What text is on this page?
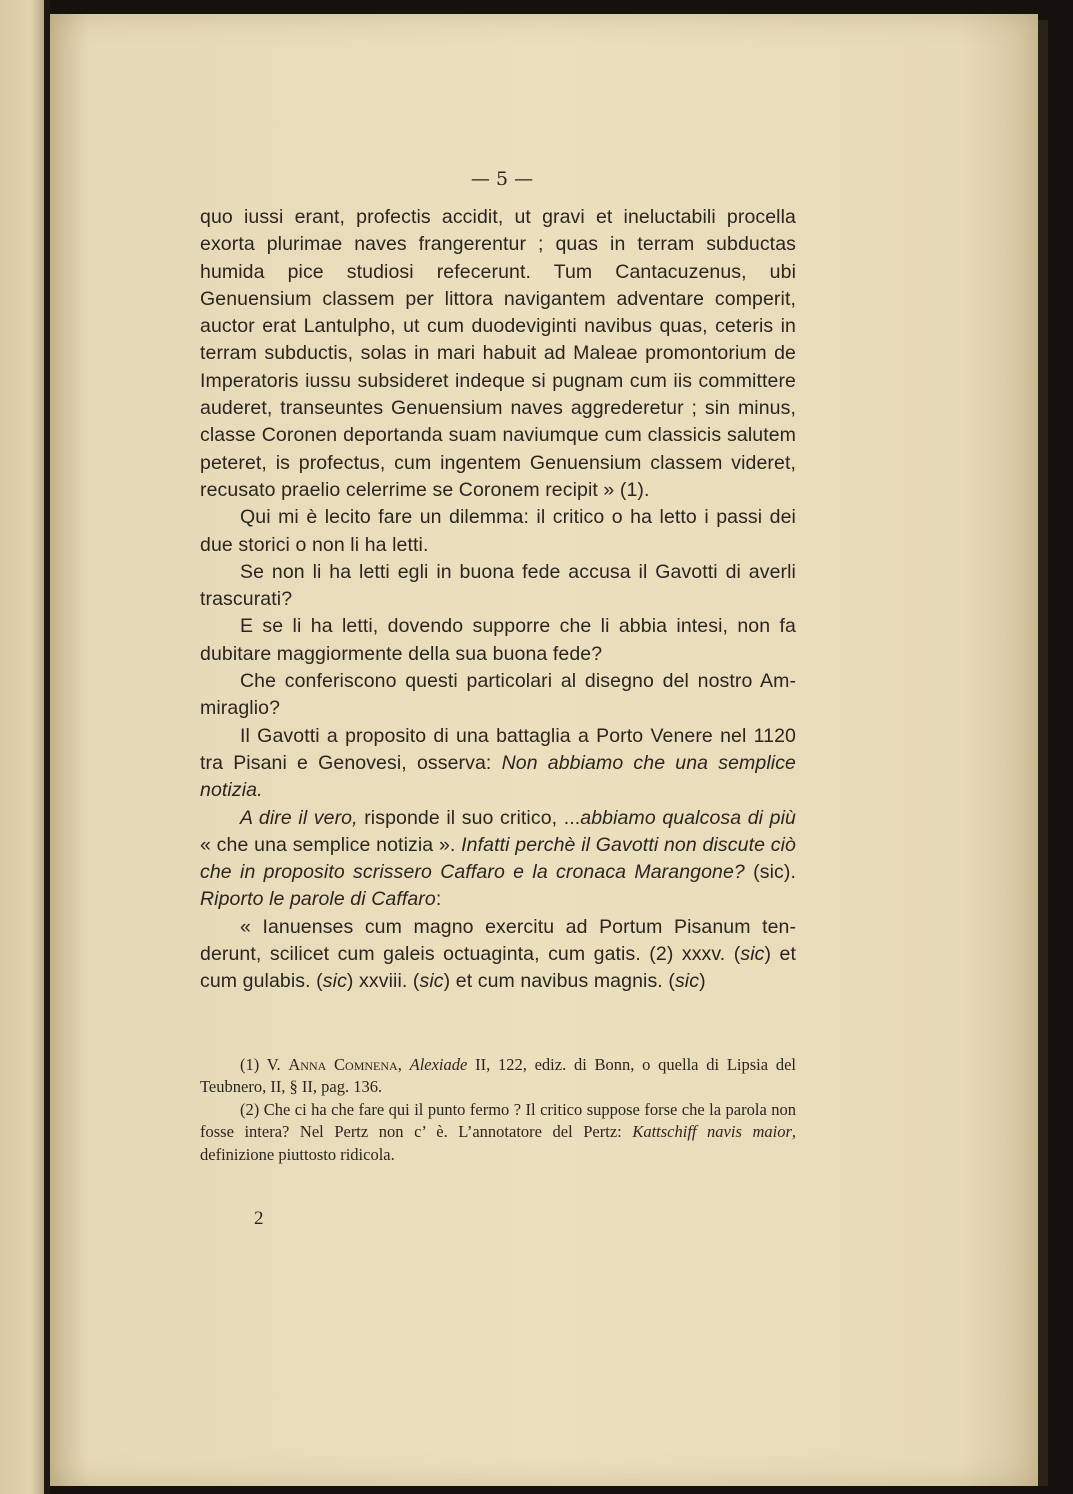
— 5 —

quo iussi erant, profectis accidit, ut gravi et ineluctabili procella exorta plurimae naves frangerentur ; quas in terram subductas humida pice studiosi refecerunt. Tum Cantacuzenus, ubi Genuensium classem per littora navigantem adventare comperit, auctor erat Lantulpho, ut cum duodeviginti navibus quas, ceteris in terram subductis, solas in mari habuit ad Maleae promontorium de Imperatoris iussu subsideret indeque si pugnam cum iis committere auderet, transeuntes Genuensium naves aggrederetur ; sin minus, classe Coronen deportanda suam naviumque cum classicis salutem peteret, is profectus, cum ingentem Genuensium classem videret, recusato praelio celerrime se Coronem recipit » (1).

Qui mi è lecito fare un dilemma: il critico o ha letto i passi dei due storici o non li ha letti.

Se non li ha letti egli in buona fede accusa il Gavotti di averli trascurati?

E se li ha letti, dovendo supporre che li abbia intesi, non fa dubitare maggiormente della sua buona fede?

Che conferiscono questi particolari al disegno del nostro Ammiraglio?

Il Gavotti a proposito di una battaglia a Porto Venere nel 1120 tra Pisani e Genovesi, osserva: Non abbiamo che una semplice notizia.

A dire il vero, risponde il suo critico, ...abbiamo qualcosa di più « che una semplice notizia ». Infatti perchè il Gavotti non discute ciò che in proposito scrissero Caffaro e la cronaca Marangone? (sic). Riporto le parole di Caffaro:

« Ianuenses cum magno exercitu ad Portum Pisanum tenderunt, scilicet cum galeis octuaginta, cum gatis. (2) xxxv. (sic) et cum gulabis. (sic) xxviii. (sic) et cum navibus magnis. (sic)

(1) V. Anna Comnena, Alexiade II, 122, ediz. di Bonn, o quella di Lipsia del Teubnero, II, § II, pag. 136.

(2) Che ci ha che fare qui il punto fermo ? Il critico suppose forse che la parola non fosse intera? Nel Pertz non c’ è. L’annotatore del Pertz: Kattschiff navis maior, definizione piuttosto ridicola.

2
